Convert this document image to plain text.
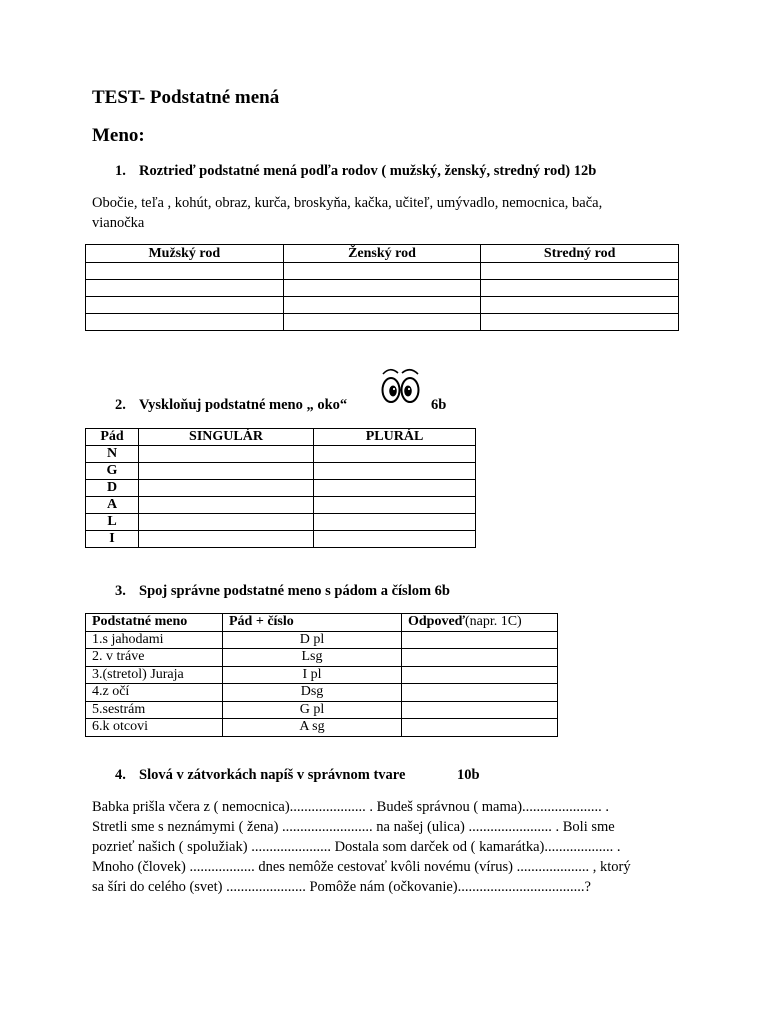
TEST- Podstatné mená
Meno:
1. Roztrieď podstatné mená podľa rodov ( mužský, ženský, stredný rod) 12b
Obočie, teľa , kohút, obraz, kurča, broskyňa, kačka, učiteľ, umývadlo, nemocnica, bača,
vianočka
Mužský rod	Ženský rod	Stredný rod

2. Vyskloňuj podstatné meno „ oko“	6b
Pád	SINGULÁR	PLURÁL
N		
G		
D		
A		
L		
I		
3. Spoj správne podstatné meno s pádom a číslom 6b
Podstatné meno	Pád + číslo	Odpoveď(napr. 1C)
1.s jahodami	D pl	
2. v tráve	Lsg	
3.(stretol) Juraja	I pl	
4.z očí	Dsg	
5.sestrám	G pl	
6.k otcovi	A sg	
4. Slová v zátvorkách napíš v správnom tvare	10b
Babka prišla včera z ( nemocnica)..................... . Budeš správnou ( mama)...................... .
Stretli sme s neznámymi ( žena) ......................... na našej (ulica) ....................... . Boli sme
pozrieť našich ( spolužiak) ...................... Dostala som darček od ( kamarátka)................... .
Mnoho (človek) .................. dnes nemôže cestovať kvôli novému (vírus) .................... , ktorý
sa šíri do celého (svet) ...................... Pomôže nám (očkovanie)...................................?
